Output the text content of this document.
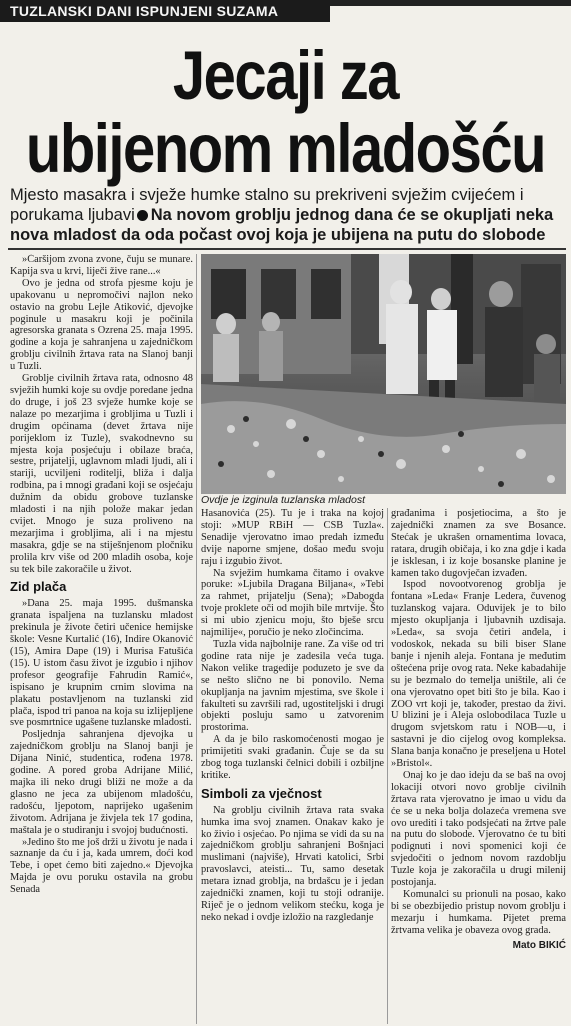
TUZLANSKI DANI ISPUNJENI SUZAMA
Jecaji za
ubijenom mladošću
Mjesto masakra i svježe humke stalno su prekriveni svježim cvijećem i porukama ljubavi Na novom groblju jednog dana će se okupljati neka nova mladost da oda počast ovoj koja je ubijena na putu do slobode

»Čaršijom zvona zvone, čuju se munare. Kapija sva u krvi, liječi žive rane...«

Ovo je jedna od strofa pjesme koju je upakovanu u nepromočivi najlon neko ostavio na grobu Lejle Atiković, djevojke poginule u masakru koji je počinila agresorska granata s Ozrena 25. maja 1995. godine a koja je sahranjena u zajedničkom groblju civilnih žrtava rata na Slanoj banji u Tuzli.

Groblje civilnih žrtava rata, odnosno 48 svježih humki koje su ovdje poredane jedna do druge, i još 23 svježe humke koje se nalaze po mezarjima i grobljima u Tuzli i drugim općinama (devet žrtava nije porijeklom iz Tuzle), svakodnevno su mjesta koja posjećuju i obilaze braća, sestre, prijatelji, uglavnom mladi ljudi, ali i stariji, ucviljeni roditelji, bliža i dalja rodbina, pa i mnogi građani koji se osjećaju dužnim da obidu grobove tuzlanske mladosti i na njih polože makar jedan cvijet. Mnogo je suza proliveno na mezarjima i grobljima, ali i na mjestu masakra, gdje se na stiješnjenom pločniku prolila krv više od 200 mladih osoba, koje su tek bile zakoračile u život.

Zid plača

»Dana 25. maja 1995. dušmanska granata ispaljena na tuzlansku mladost prekinula je živote četiri učenice hemijske škole: Vesne Kurtalić (16), Indire Okanović (15), Amira Dape (19) i Murisa Fatušića (15). U istom času život je izgubio i njihov profesor geografije Fahrudin Ramić«, ispisano je krupnim crnim slovima na plakatu postavljenom na tuzlanski zid plača, ispod tri panoa na koja su izlijepljene sve posmrtnice ugašene tuzlanske mladosti.

Posljednja sahranjena djevojka u zajedničkom groblju na Slanoj banji je Dijana Ninić, studentica, rođena 1978. godine. A pored groba Adrijane Milić, majka ili neko drugi bliži ne može a da glasno ne jeca za ubijenom mladošću, radošću, ljepotom, naprijeko ugašenim životom. Adrijana je živjela tek 17 godina, maštala je o studiranju i svojoj budućnosti.

»Jedino što me još drži u životu je nada i saznanje da ću i ja, kada umrem, doći kod Tebe, i opet ćemo biti zajedno.« Djevojka Majda je ovu poruku ostavila na grobu Senada

Ovdje je izginula tuzlanska mladost

Hasanovića (25). Tu je i traka na kojoj stoji: »MUP RBiH — CSB Tuzla«. Senadije vjerovatno imao predah između dvije naporne smjene, došao među svoju raju i izgubio život.

Na svježim humkama čitamo i ovakve poruke: »Ljubila Dragana Biljana«, »Tebi za rahmet, prijatelju (Sena); »Dabogda tvoje proklete oči od mojih bile mrtvije. Što si mi ubio zjenicu moju, što bješe srcu najmilije«, poručio je neko zločincima.

Tuzla vida najbolnije rane. Za više od tri godine rata nije je zadesila veća tuga. Nakon velike tragedije poduzeto je sve da se nešto slično ne bi ponovilo. Nema okupljanja na javnim mjestima, sve škole i fakulteti su završili rad, ugostiteljski i drugi objekti posluju samo u zatvorenim prostorima.

A da je bilo raskomoćenosti mogao je primijetiti svaki građanin. Čuje se da su zbog toga tuzlanski čelnici dobili i ozbiljne kritike.

Simboli za vječnost

Na groblju civilnih žrtava rata svaka humka ima svoj znamen. Onakav kako je ko živio i osjećao. Po njima se vidi da su na zajedničkom groblju sahranjeni Bošnjaci muslimani (najviše), Hrvati katolici, Srbi pravoslavci, ateisti... Tu, samo desetak metara iznad groblja, na brdašcu je i jedan zajednički znamen, koji tu stoji odranije. Riječ je o jednom velikom stećku, koga je neko nekad i ovdje izložio na razgledanje

građanima i posjetiocima, a što je zajednički znamen za sve Bosance. Stećak je ukrašen ornamentima lovaca, ratara, drugih običaja, i ko zna gdje i kada je isklesan, i iz koje bosanske planine je kamen tako dugovječan izvađen.

Ispod novootvorenog groblja je fontana »Leda« Franje Ledera, čuvenog tuzlanskog vajara. Oduvijek je to bilo mjesto okupljanja i ljubavnih uzdisaja. »Leda«, sa svoja četiri anđela, i vodoskok, nekada su bili biser Slane banje i njenih aleja. Fontana je međutim oštećena prije ovog rata. Neke kabadahije su je bezmalo do temelja uništile, ali će ona vjerovatno opet biti što je bila. Kao i ZOO vrt koji je, također, prestao da živi. U blizini je i Aleja oslobodilaca Tuzle u drugom svjetskom ratu i NOB—u, i sastavni je dio cijelog ovog kompleksa. Slana banja konačno je preseljena u Hotel »Bristol«.

Onaj ko je dao ideju da se baš na ovoj lokaciji otvori novo groblje civilnih žrtava rata vjerovatno je imao u vidu da će se u neka bolja dolazeća vremena sve ovo urediti i tako podsjećati na žrtve pale na putu do slobode. Vjerovatno će tu biti podignuti i novi spomenici koji će svjedočiti o jednom novom razdoblju Tuzle koja je zakoračila u drugi milenij postojanja.

Komunalci su prionuli na posao, kako bi se obezbijedio pristup novom groblju i mezarju i humkama. Pijetet prema žrtvama velika je obaveza ovog grada.

Mato BIKIĆ
